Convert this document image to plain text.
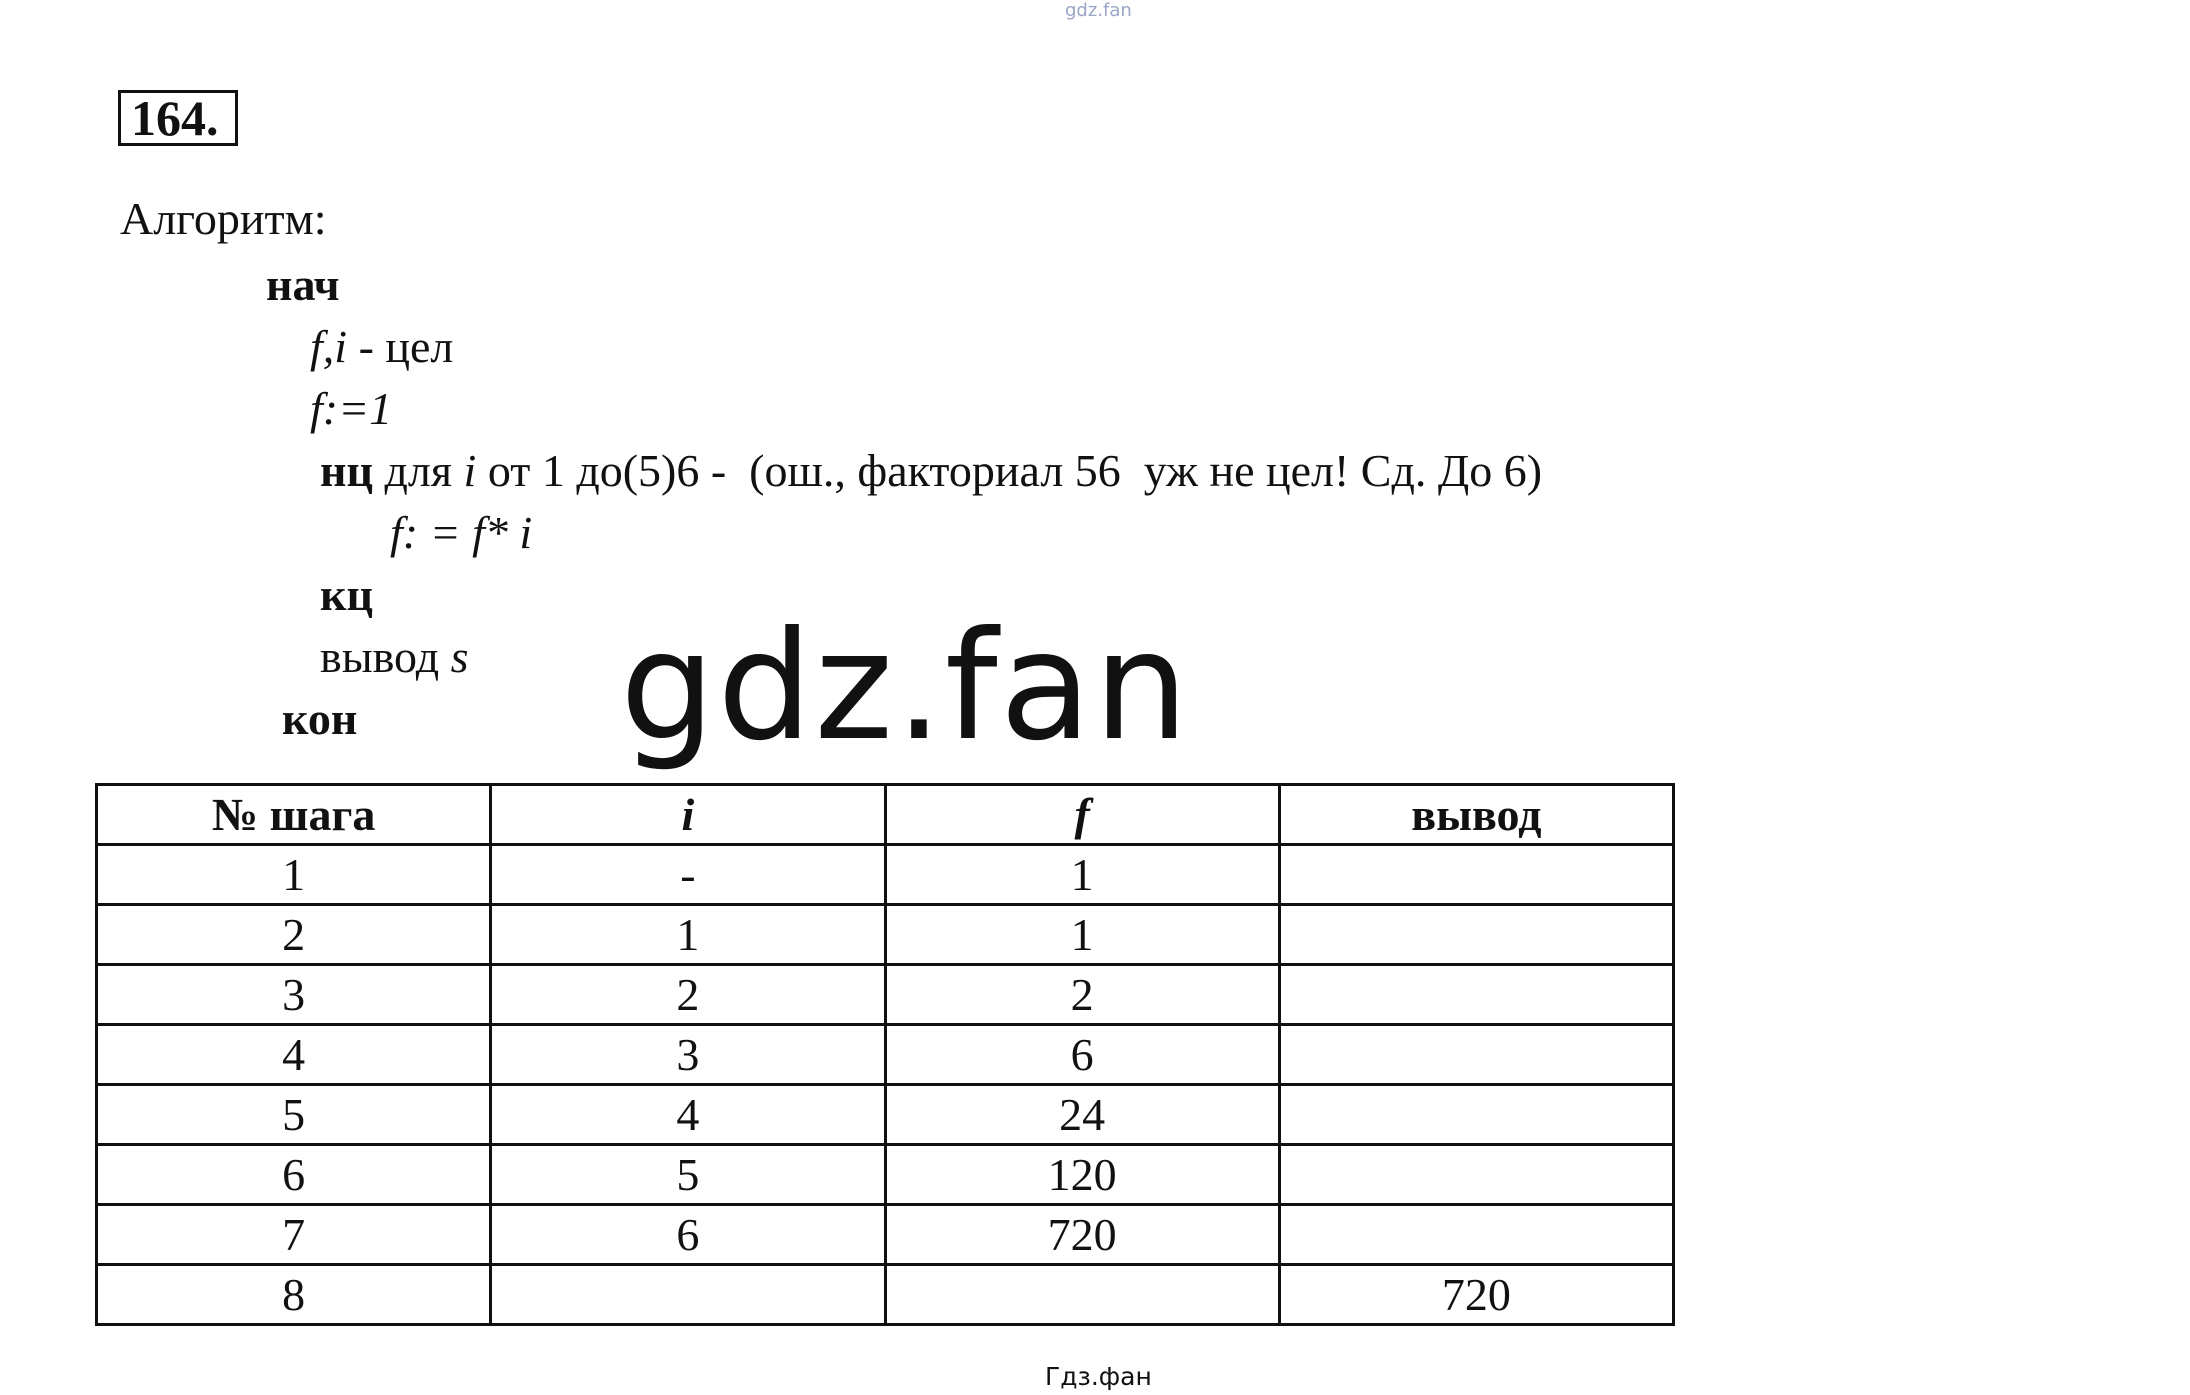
gdz.fan
164.
Алгоритм:
нач
f,i - цел
f:=1
нц для i от 1 до(5)6 -  (ош., факториал 56  уж не цел! Сд. До 6)
f: = f* i
кц
вывод s
кон gdz.fan
№ шага	i	f	вывод
1	-	1	
2	1	1	
3	2	2	
4	3	6	
5	4	24	
6	5	120	
7	6	720	
8			720
Гдз.фан
